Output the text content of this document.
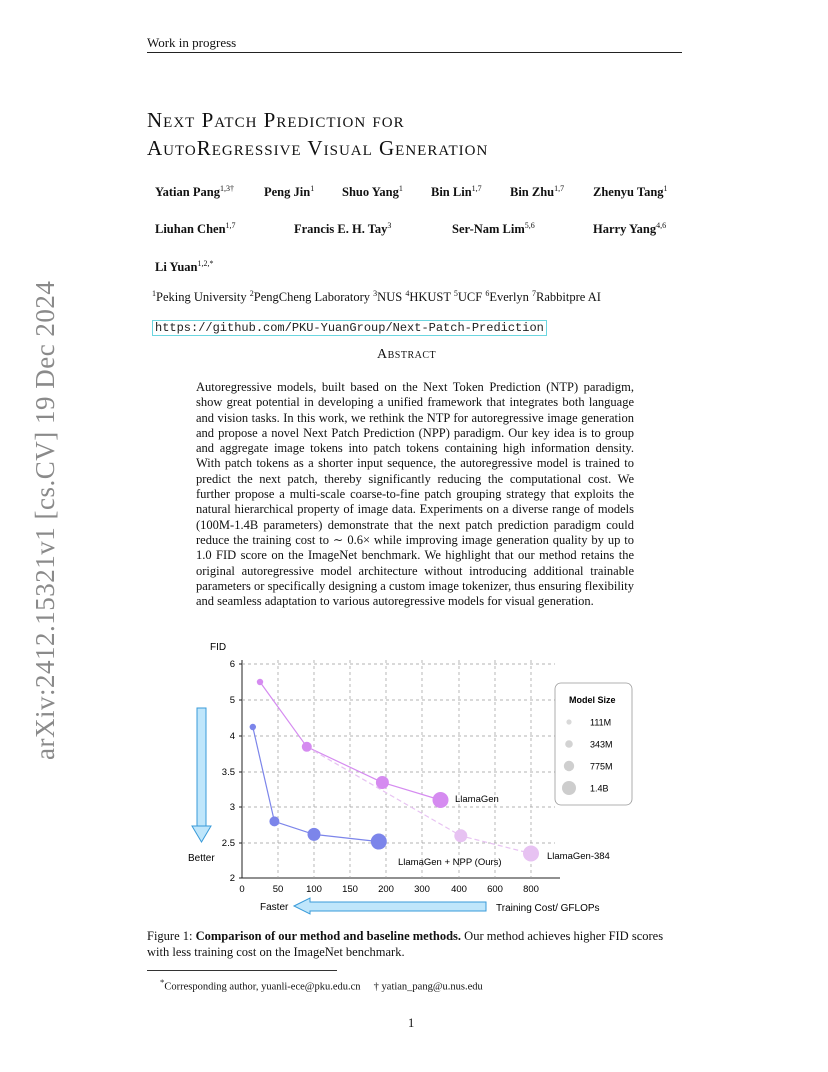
Work in progress
Next Patch Prediction for
AutoRegressive Visual Generation
Yatian Pang$^{1,3\dagger}$ Peng Jin$^1$ Shuo Yang$^1$ Bin Lin$^{1,7}$ Bin Zhu$^{1,7}$ Zhenyu Tang$^1$
Liuhan Chen$^{1,7}$	Francis E. H. Tay$^3$	Ser-Nam Lim$^{5,6}$	Harry Yang$^{4,6}$
Li Yuan$^{1,2,*}$
$^1$Peking University $^2$PengCheng Laboratory $^3$NUS $^4$HKUST $^5$UCF $^6$Everlyn $^7$Rabbitpre AI
https://github.com/PKU-YuanGroup/Next-Patch-Prediction
Abstract
Autoregressive models, built based on the Next Token Prediction (NTP) paradigm, show great potential in developing a unified framework that integrates both language and vision tasks. In this work, we rethink the NTP for autoregressive image generation and propose a novel Next Patch Prediction (NPP) paradigm. Our key idea is to group and aggregate image tokens into patch tokens containing high information density. With patch tokens as a shorter input sequence, the autoregressive model is trained to predict the next patch, thereby significantly reducing the computational cost. We further propose a multi-scale coarse-to-fine patch grouping strategy that exploits the natural hierarchical property of image data. Experiments on a diverse range of models (100M-1.4B parameters) demonstrate that the next patch prediction paradigm could reduce the training cost to ∼ 0.6× while improving image generation quality by up to 1.0 FID score on the ImageNet benchmark. We highlight that our method retains the original autoregressive model architecture without introducing additional trainable parameters or specifically designing a custom image tokenizer, thus ensuring flexibility and seamless adaptation to various autoregressive models for visual generation.
FID
0	50 100 150 200 300 400 600 800
2
2.5
3
3.5
4
5
6
LlamaGen
LlamaGen-384
LlamaGen + NPP (Ours)
Better
Faster	Training Cost/ GFLOPs
Model Size
111M
343M
775M
1.4B
Figure 1: Comparison of our method and baseline methods. Our method achieves higher FID scores with less training cost on the ImageNet benchmark.
*Corresponding author, yuanli-ece@pku.edu.cn † yatian_pang@u.nus.edu
1
arXiv:2412.15321v1 [cs.CV] 19 Dec 2024
